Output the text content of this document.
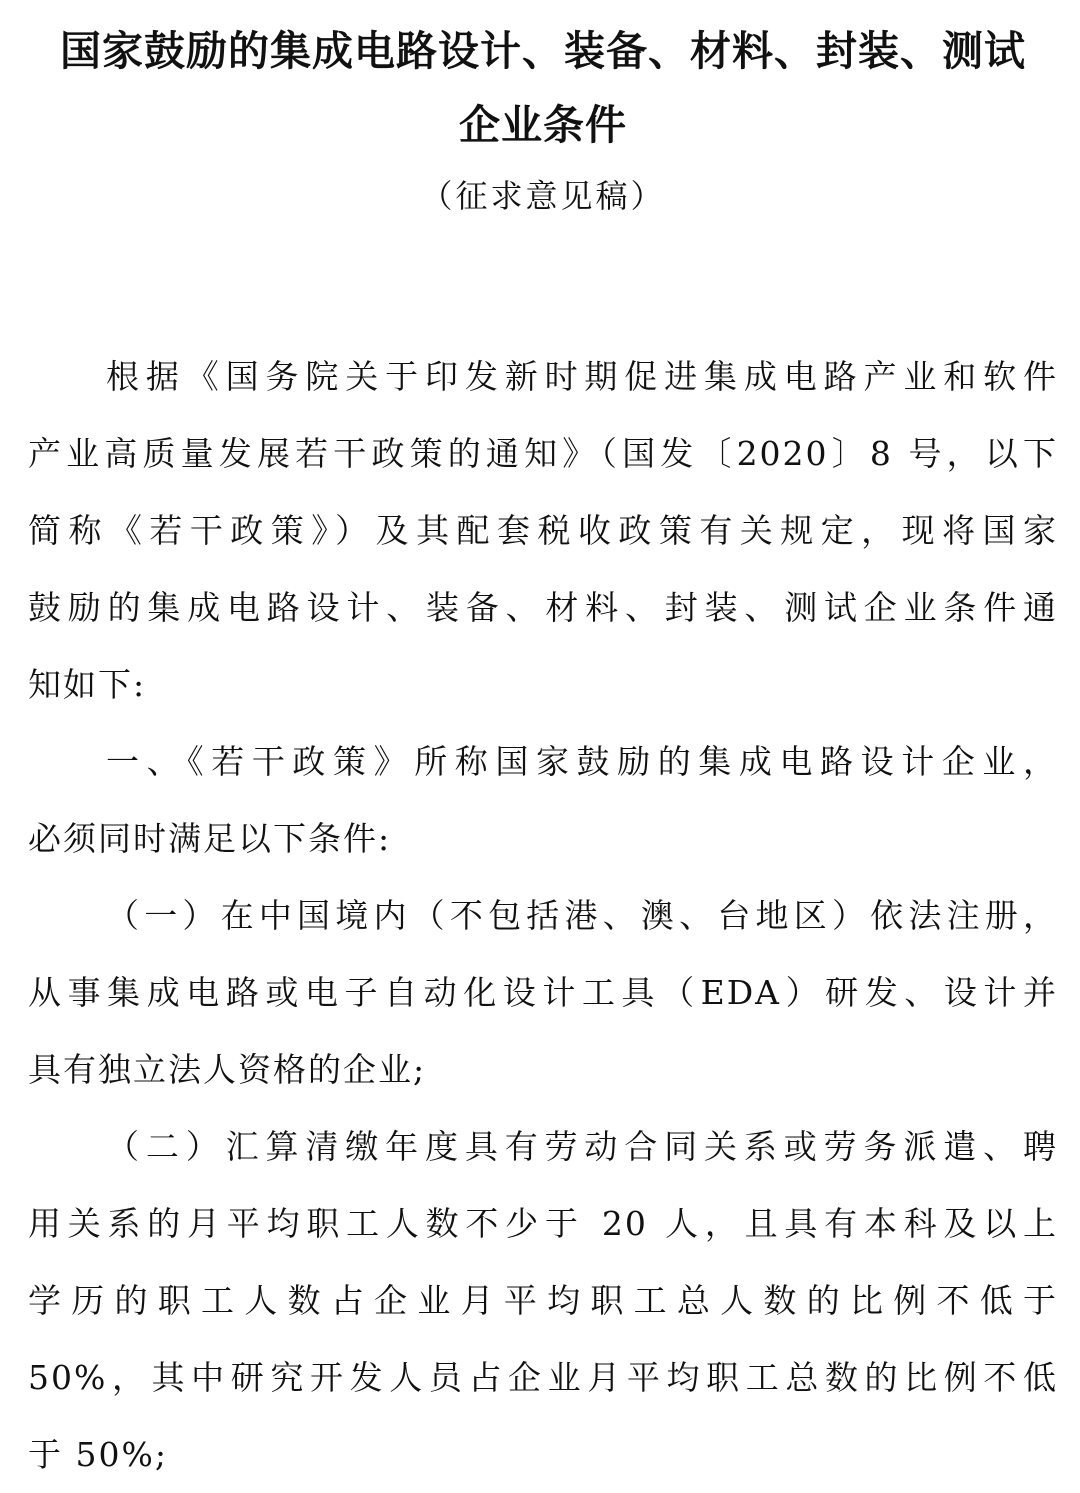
国家鼓励的集成电路设计、装备、材料、封装、测试
企业条件

（征求意见稿）

根据《国务院关于印发新时期促进集成电路产业和软件
产业高质量发展若干政策的通知》（国发〔2020〕8 号，以下
简称《若干政策》）及其配套税收政策有关规定，现将国家
鼓励的集成电路设计、装备、材料、封装、测试企业条件通
知如下:

一、《若干政策》所称国家鼓励的集成电路设计企业，
必须同时满足以下条件:

（一）在中国境内（不包括港、澳、台地区）依法注册，
从事集成电路或电子自动化设计工具（EDA）研发、设计并
具有独立法人资格的企业;

（二）汇算清缴年度具有劳动合同关系或劳务派遣、聘
用关系的月平均职工人数不少于 20 人，且具有本科及以上
学历的职工人数占企业月平均职工总人数的比例不低于
50%，其中研究开发人员占企业月平均职工总数的比例不低
于 50%;
